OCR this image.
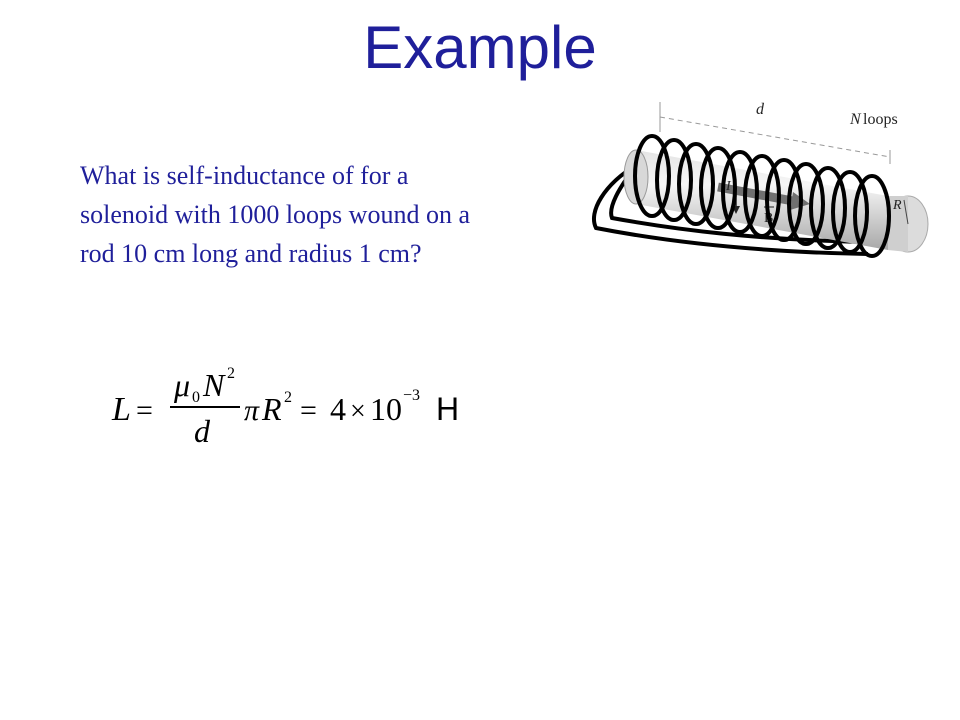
Example
What is self-inductance of for a
solenoid with 1000 loops wound on a
rod 10 cm long and radius 1 cm?
d
N loops
B
I
R
L =
μ 0 N 2
d
π R 2 = 4 × 10 −3 H
